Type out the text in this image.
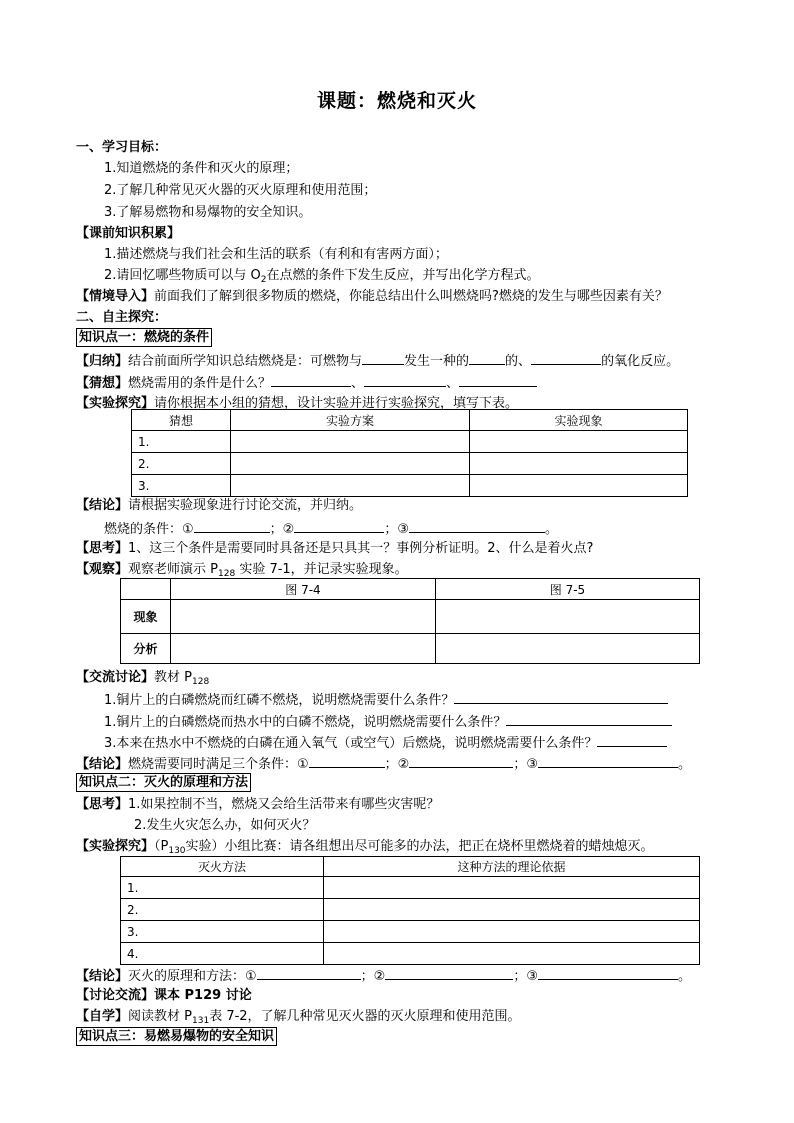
课题：燃烧和灭火
一、学习目标：
1.知道燃烧的条件和灭火的原理；
2.了解几种常见灭火器的灭火原理和使用范围；
3.了解易燃物和易爆物的安全知识。
【课前知识积累】
1.描述燃烧与我们社会和生活的联系（有利和有害两方面）；
2.请回忆哪些物质可以与 $O_2$在点燃的条件下发生反应，并写出化学方程式。
【情境导入】前面我们了解到很多物质的燃烧，你能总结出什么叫燃烧吗?燃烧的发生与哪些因素有关？
二、自主探究：
知识点一：燃烧的条件
【归纳】结合前面所学知识总结燃烧是：可燃物与	发生一种的	的、	的氧化反应。
【猜想】燃烧需用的条件是什么？	、	、
【实验探究】请你根据本小组的猜想，设计实验并进行实验探究，填写下表。
猜想	实验方案	实验现象
1.		
2.		
3.		
【结论】请根据实验现象进行讨论交流，并归纳。
燃烧的条件：①	；②	；③	。
【思考】1、这三个条件是需要同时具备还是只具其一？事例分析证明。2、什么是着火点?
【观察】观察老师演示 $P_{128}$ 实验 7-1，并记录实验现象。
	图 7-4	图 7-5
现象		
分析		
【交流讨论】教材 $P_{128}$
1.铜片上的白磷燃烧而红磷不燃烧，说明燃烧需要什么条件？
1.铜片上的白磷燃烧而热水中的白磷不燃烧，说明燃烧需要什么条件？
3.本来在热水中不燃烧的白磷在通入氧气（或空气）后燃烧，说明燃烧需要什么条件？
【结论】燃烧需要同时满足三个条件：①	；②	；③	。
知识点二：灭火的原理和方法
【思考】1.如果控制不当，燃烧又会给生活带来有哪些灾害呢？
2.发生火灾怎么办，如何灭火？
【实验探究】（$P_{130}$实验）小组比赛：请各组想出尽可能多的办法，把正在烧杯里燃烧着的蜡烛熄灭。
灭火方法	这种方法的理论依据
1.	
2.	
3.	
4.	
【结论】灭火的原理和方法：①	；②	；③	。
【讨论交流】课本 P129 讨论
【自学】阅读教材 $P_{131}$表 7-2，了解几种常见灭火器的灭火原理和使用范围。
知识点三：易燃易爆物的安全知识
